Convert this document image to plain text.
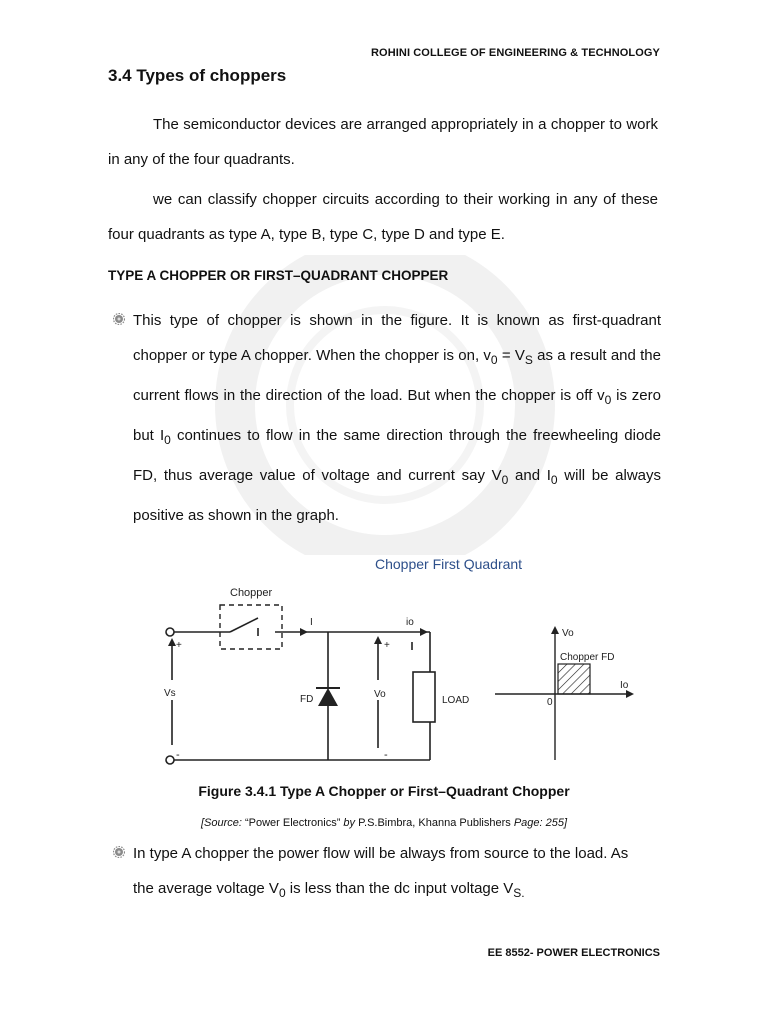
ROHINI COLLEGE OF ENGINEERING & TECHNOLOGY
3.4 Types of choppers
The semiconductor devices are arranged appropriately in a chopper to work in any of the four quadrants.
we can classify chopper circuits according to their working in any of these four quadrants as type A, type B, type C, type D and type E.
TYPE A CHOPPER OR FIRST–QUADRANT CHOPPER
This type of chopper is shown in the figure. It is known as first-quadrant chopper or type A chopper. When the chopper is on, $v_0 = V_S$ as a result and the current flows in the direction of the load. But when the chopper is off $v_0$ is zero but $I_0$ continues to flow in the same direction through the freewheeling diode FD, thus average value of voltage and current say $V_0$ and $I_0$ will be always positive as shown in the graph.
Chopper First Quadrant
Chopper
I	io
Vs
FD	Vo
LOAD
+
-
+
-
Vo
Io
0
Chopper FD
Figure 3.4.1 Type A Chopper or First–Quadrant Chopper
[Source: “Power Electronics” by P.S.Bimbra, Khanna Publishers Page: 255]
In type A chopper the power flow will be always from source to the load. As the average voltage $V_0$ is less than the dc input voltage $V_{S.}$
EE 8552- POWER ELECTRONICS
